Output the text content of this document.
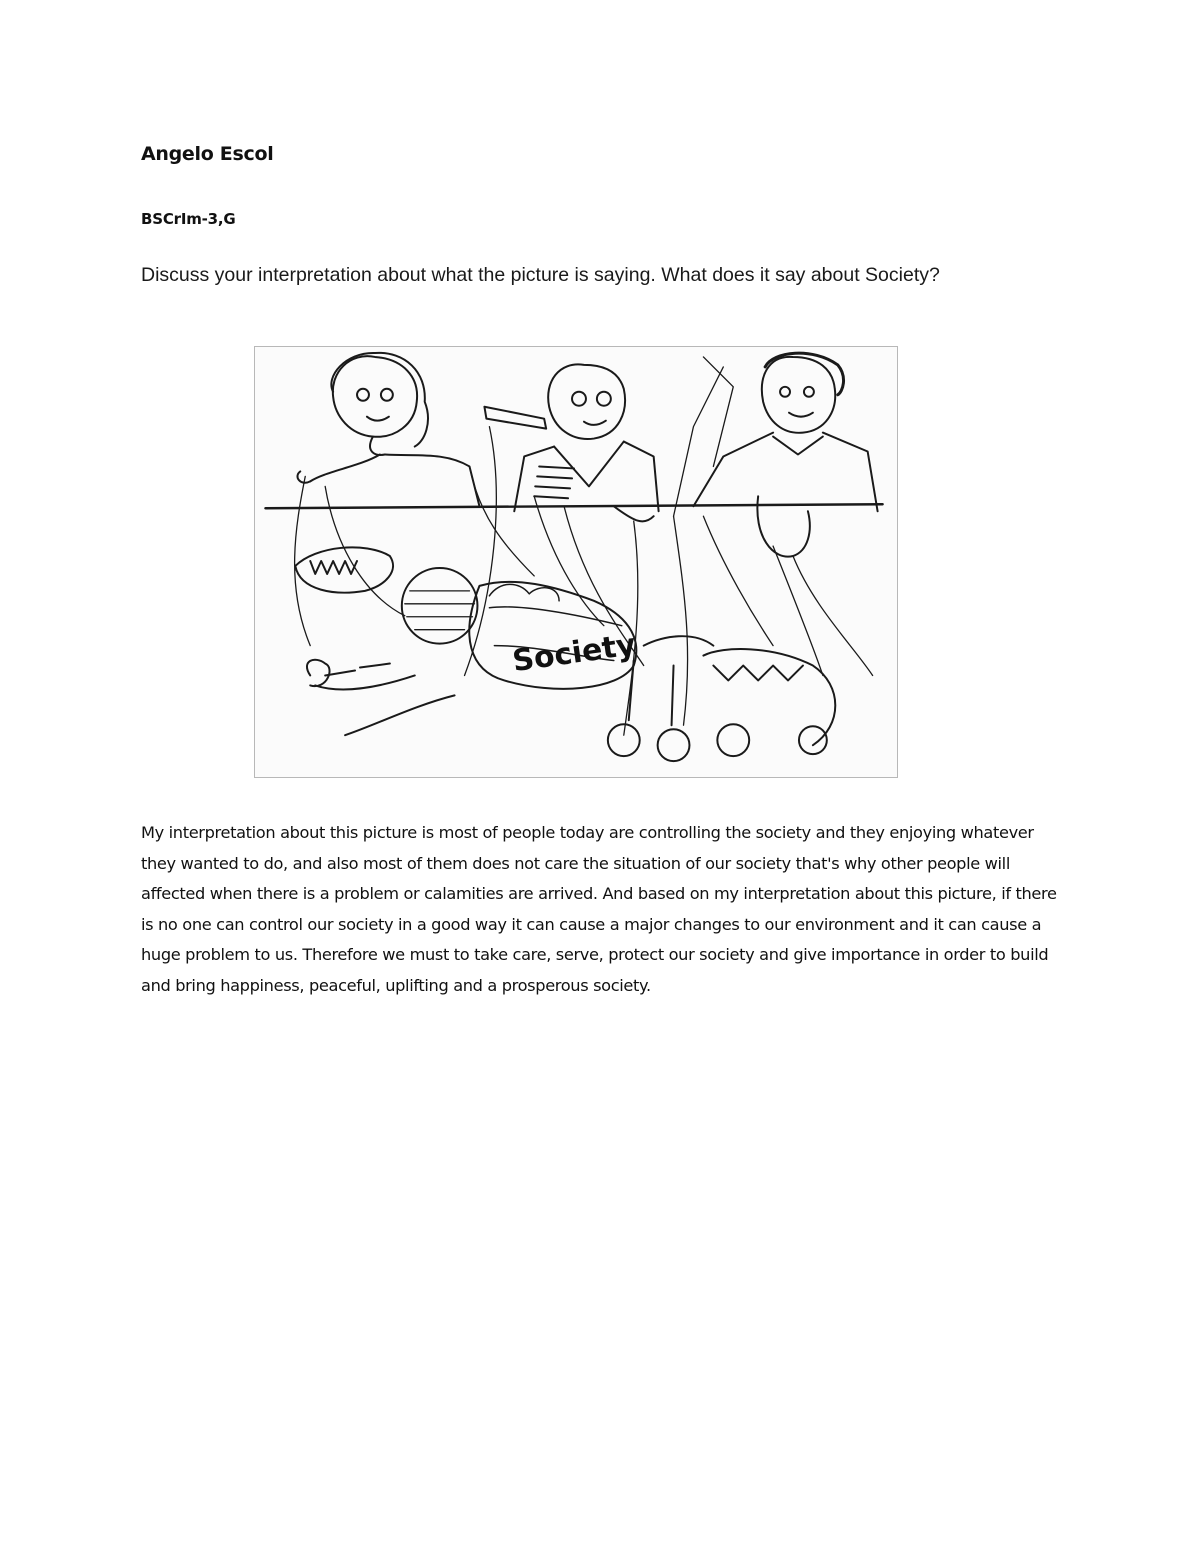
Angelo Escol
BSCrIm-3,G
Discuss your interpretation about what the picture is saying. What does it say about Society?
Society

My interpretation about this picture is most of people today are controlling the society and they enjoying whatever they wanted to do, and also most of them does not care the situation of our society that's why other people will affected when there is a problem or calamities are arrived. And based on my interpretation about this picture, if there is no one can control our society in a good way it can cause a major changes to our environment and it can cause a huge problem to us. Therefore we must to take care, serve, protect our society and give importance in order to build and bring happiness, peaceful, uplifting and a prosperous society.
